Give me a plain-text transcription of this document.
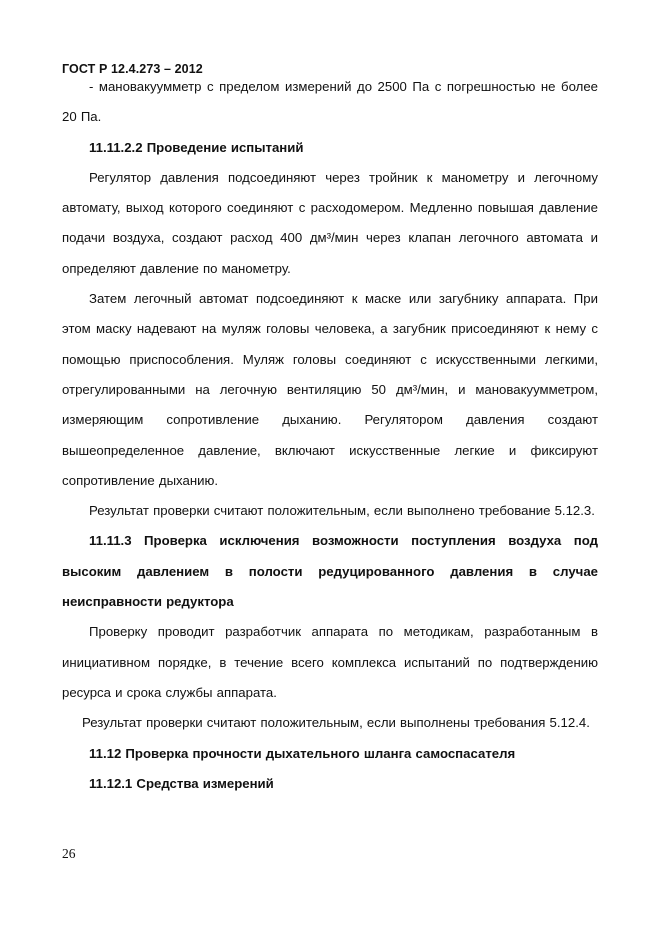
ГОСТ Р 12.4.273 – 2012

- мановакуумметр с пределом измерений до 2500 Па с погрешностью не более 20 Па.

11.11.2.2 Проведение испытаний

Регулятор давления подсоединяют через тройник к манометру и легочному автомату, выход которого соединяют с расходомером. Медленно повышая давление подачи воздуха, создают расход 400 дм³/мин через клапан легочного автомата и определяют давление по манометру.

Затем легочный автомат подсоединяют к маске или загубнику аппарата. При этом маску надевают на муляж головы человека, а загубник присоединяют к нему с помощью приспособления. Муляж головы соединяют с искусственными легкими, отрегулированными на легочную вентиляцию 50 дм³/мин, и мановакуумметром, измеряющим сопротивление дыханию. Регулятором давления создают вышеопределенное давление, включают искусственные легкие и фиксируют сопротивление дыханию.

Результат проверки считают положительным, если выполнено требование 5.12.3.

11.11.3 Проверка исключения возможности поступления воздуха под высоким давлением в полости редуцированного давления в случае неисправности редуктора

Проверку проводит разработчик аппарата по методикам, разработанным в инициативном порядке, в течение всего комплекса испытаний по подтверждению ресурса и срока службы аппарата.

Результат проверки считают положительным, если выполнены требования 5.12.4.

11.12 Проверка прочности дыхательного шланга самоспасателя

11.12.1 Средства измерений

26
